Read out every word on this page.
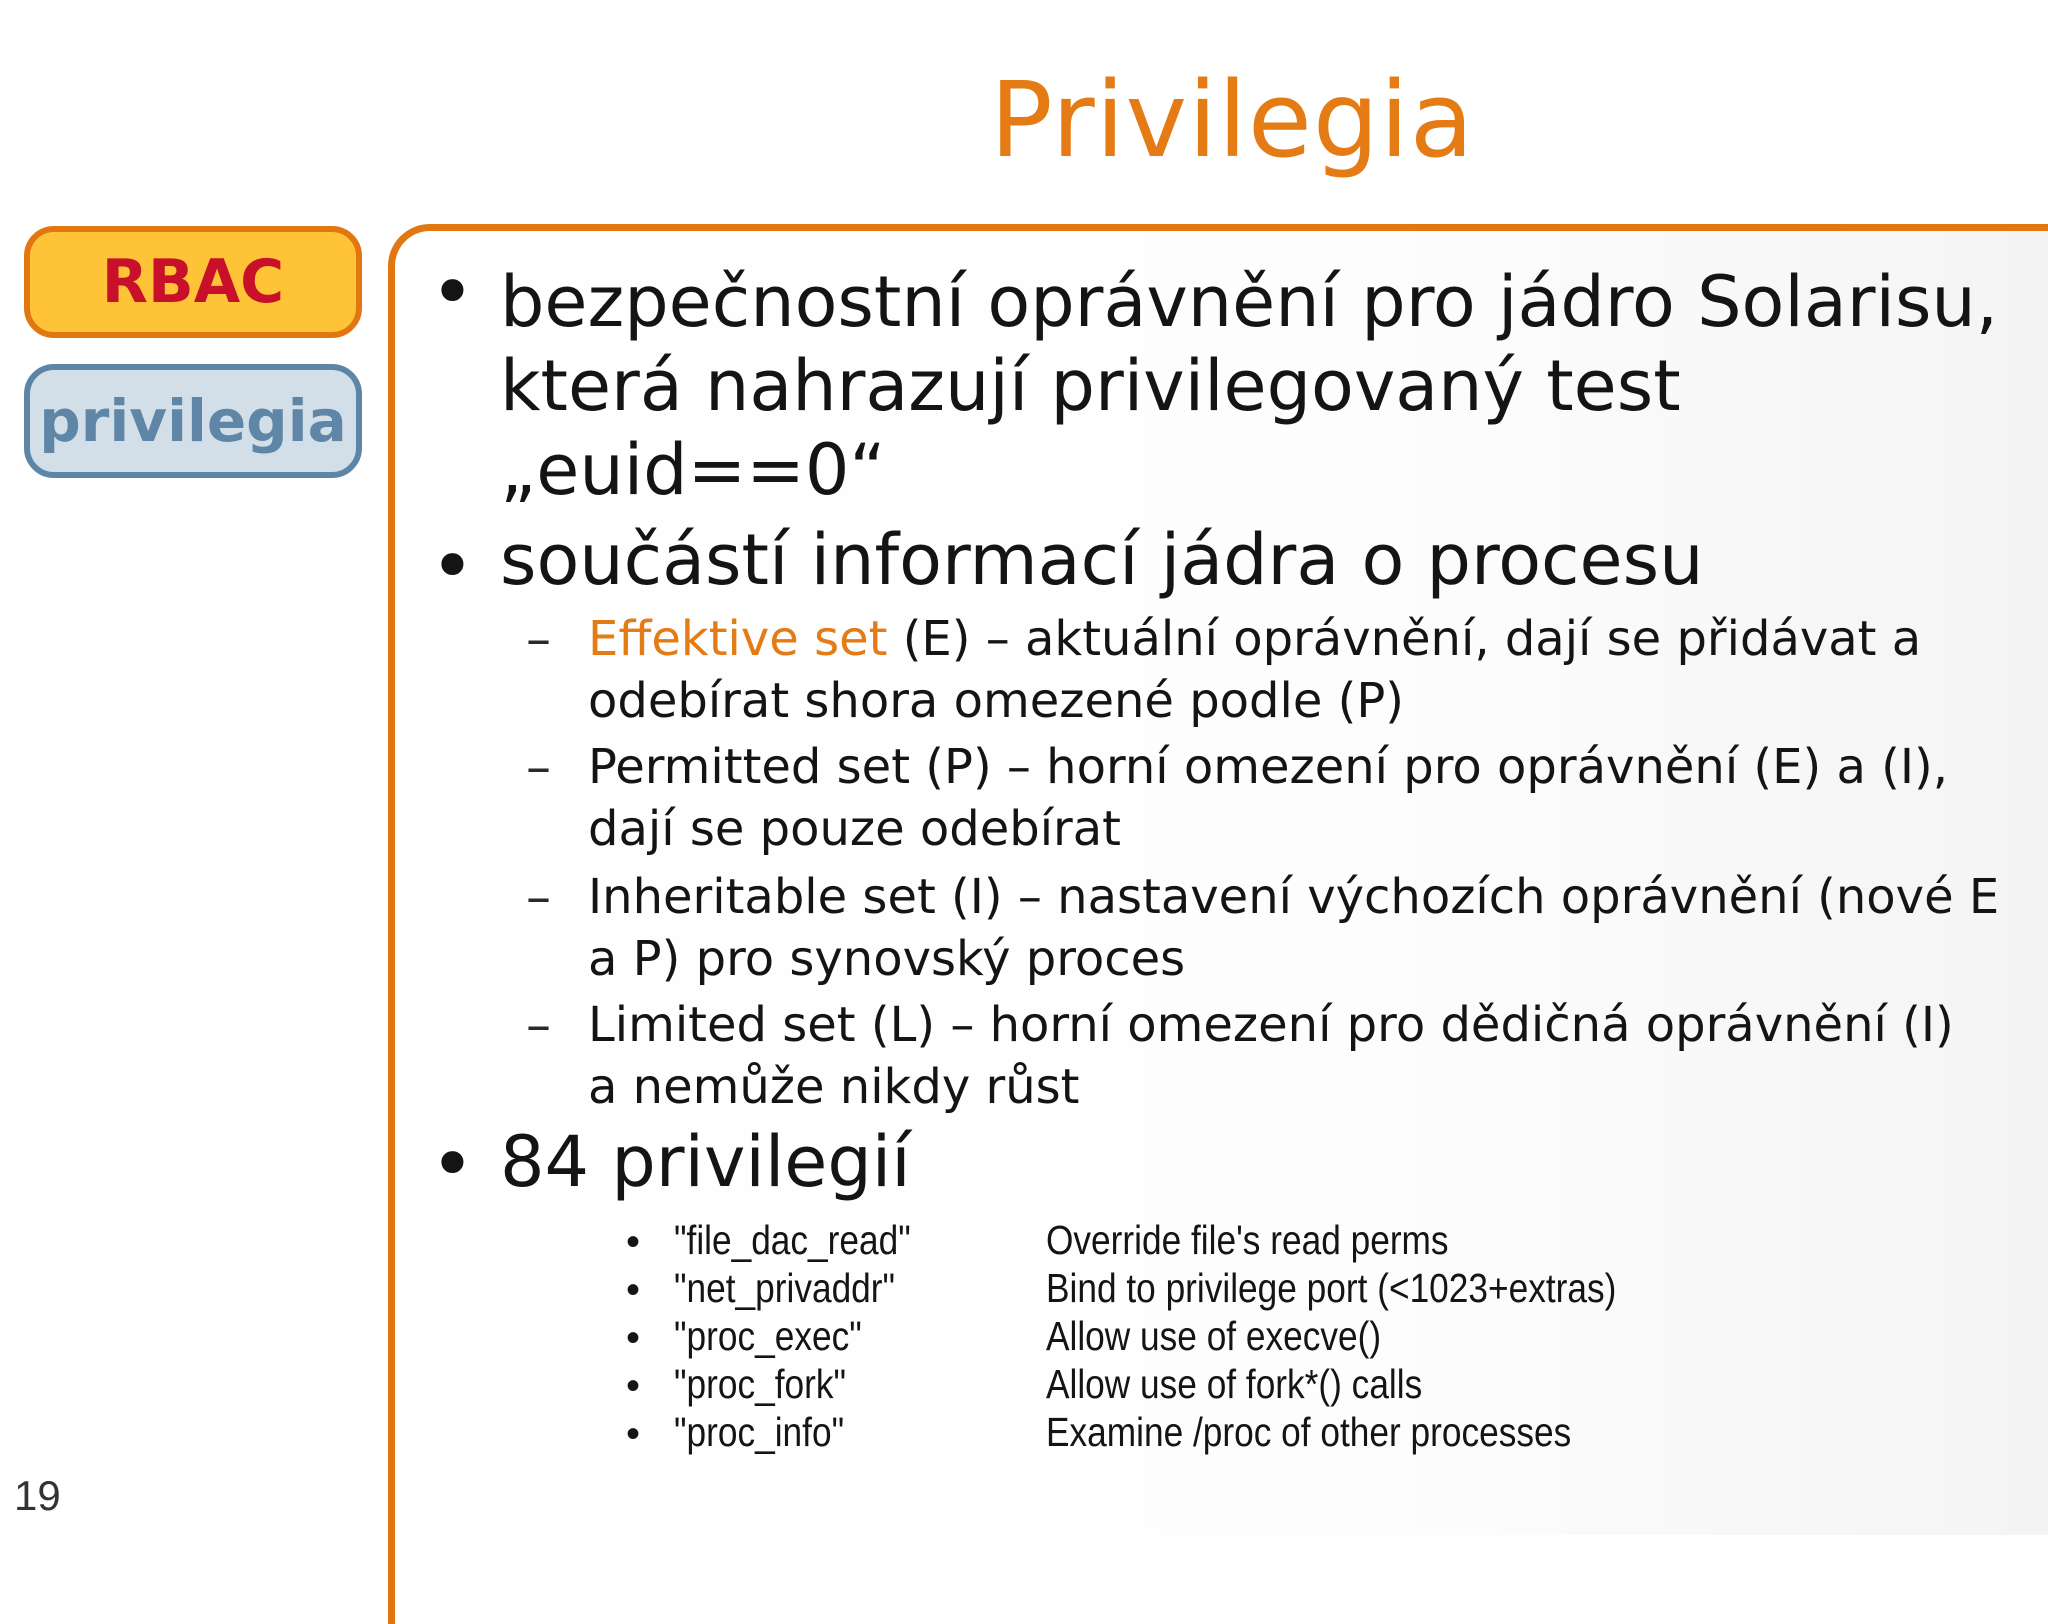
Privilegia
RBAC
privilegia
• bezpečnostní oprávnění pro jádro Solarisu,
která nahrazují privilegovaný test
„euid==0“
• součástí informací jádra o procesu
– Effektive set (E) – aktuální oprávnění, dají se přidávat a
odebírat shora omezené podle (P)
– Permitted set (P) – horní omezení pro oprávnění (E) a (I),
dají se pouze odebírat
– Inheritable set (I) – nastavení výchozích oprávnění (nové E
a P) pro synovský proces
– Limited set (L) – horní omezení pro dědičná oprávnění (I)
a nemůže nikdy růst
• 84 privilegií
• "file_dac_read"	Override file's read perms
• "net_privaddr"	Bind to privilege port (<1023+extras)
• "proc_exec"	Allow use of execve()
• "proc_fork"	Allow use of fork*() calls
• "proc_info"	Examine /proc of other processes
19
